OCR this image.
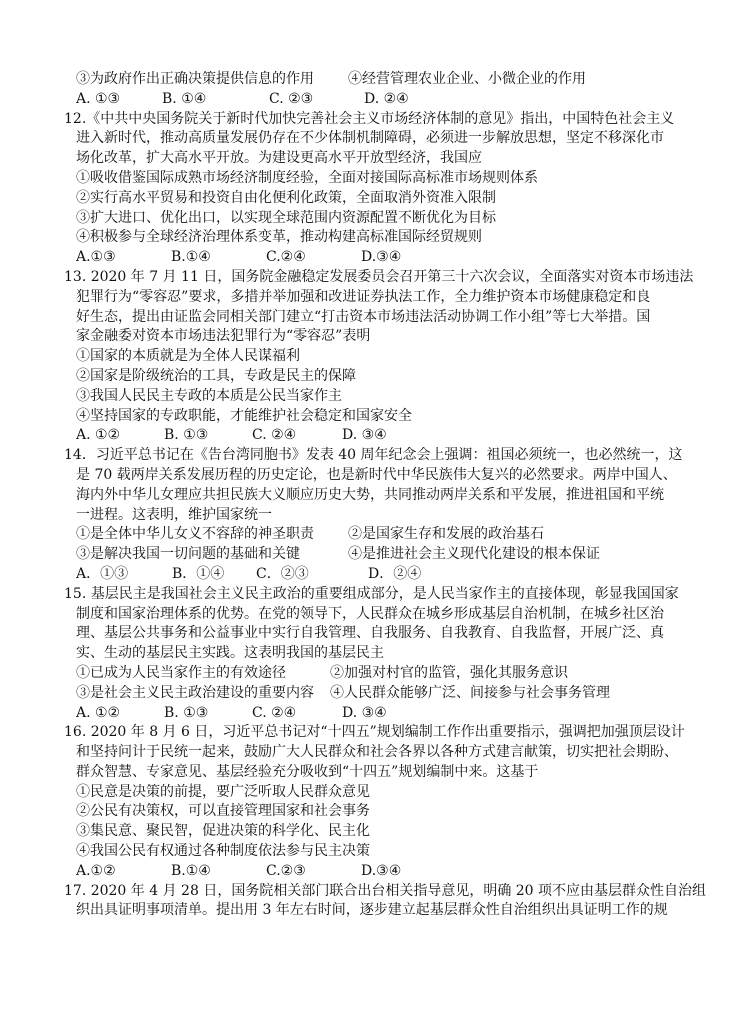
③为政府作出正确决策提供信息的作用	④经营管理农业企业、小微企业的作用
A. ①③	B. ①④	C. ②③	D. ②④
12.《中共中央国务院关于新时代加快完善社会主义市场经济体制的意见》指出，中国特色社会主义
进入新时代，推动高质量发展仍存在不少体制机制障碍，必须进一步解放思想，坚定不移深化市
场化改革，扩大高水平开放。为建设更高水平开放型经济，我国应
①吸收借鉴国际成熟市场经济制度经验，全面对接国际高标准市场规则体系
②实行高水平贸易和投资自由化便利化政策，全面取消外资准入限制
③扩大进口、优化出口，以实现全球范围内资源配置不断优化为目标
④积极参与全球经济治理体系变革，推动构建高标准国际经贸规则
A.①③	B.①④	C.②④	D.③④
13. 2020 年 7 月 11 日，国务院金融稳定发展委员会召开第三十六次会议，全面落实对资本市场违法
犯罪行为“零容忍”要求，多措并举加强和改进证券执法工作，全力维护资本市场健康稳定和良
好生态，提出由证监会同相关部门建立“打击资本市场违法活动协调工作小组”等七大举措。国
家金融委对资本市场违法犯罪行为“零容忍”表明
①国家的本质就是为全体人民谋福利
②国家是阶级统治的工具，专政是民主的保障
③我国人民民主专政的本质是公民当家作主
④坚持国家的专政职能，才能维护社会稳定和国家安全
A. ①②	B. ①③	C. ②④	D. ③④
14．习近平总书记在《告台湾同胞书》发表 40 周年纪念会上强调：祖国必须统一，也必然统一，这
是 70 载两岸关系发展历程的历史定论，也是新时代中华民族伟大复兴的必然要求。两岸中国人、
海内外中华儿女理应共担民族大义顺应历史大势，共同推动两岸关系和平发展，推进祖国和平统
一进程。这表明，维护国家统一
①是全体中华儿女义不容辞的神圣职责	②是国家生存和发展的政治基石
③是解决我国一切问题的基础和关键	④是推进社会主义现代化建设的根本保证
A．①③	B．①④	C．②③	D．②④
15. 基层民主是我国社会主义民主政治的重要组成部分，是人民当家作主的直接体现，彰显我国国家
制度和国家治理体系的优势。在党的领导下，人民群众在城乡形成基层自治机制，在城乡社区治
理、基层公共事务和公益事业中实行自我管理、自我服务、自我教育、自我监督，开展广泛、真
实、生动的基层民主实践。这表明我国的基层民主
①已成为人民当家作主的有效途径	②加强对村官的监管，强化其服务意识
③是社会主义民主政治建设的重要内容	④人民群众能够广泛、间接参与社会事务管理
A. ①②	B. ①③	C. ②④	D. ③④
16. 2020 年 8 月 6 日，习近平总书记对“十四五”规划编制工作作出重要指示，强调把加强顶层设计
和坚持问计于民统一起来，鼓励广大人民群众和社会各界以各种方式建言献策，切实把社会期盼、
群众智慧、专家意见、基层经验充分吸收到“十四五”规划编制中来。这基于
①民意是决策的前提，要广泛听取人民群众意见
②公民有决策权，可以直接管理国家和社会事务
③集民意、聚民智，促进决策的科学化、民主化
④我国公民有权通过各种制度依法参与民主决策
A.①②	B.①④	C.②③	D.③④
17. 2020 年 4 月 28 日，国务院相关部门联合出台相关指导意见，明确 20 项不应由基层群众性自治组
织出具证明事项清单。提出用 3 年左右时间，逐步建立起基层群众性自治组织出具证明工作的规
